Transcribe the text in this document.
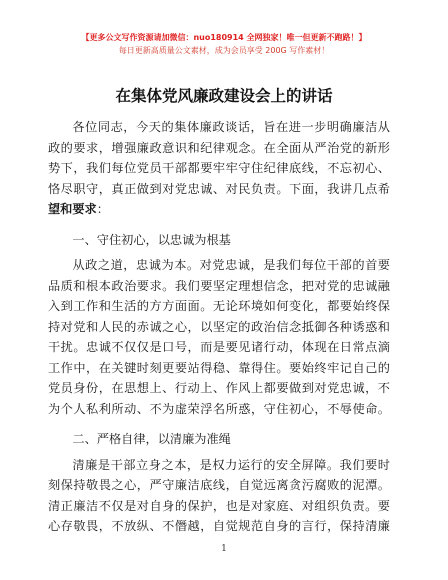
【更多公文写作资源请加微信：nuo180914 全网独家！唯一但更新不跑路！】
每日更新高质量公文素材，成为会员享受 200G 写作素材！
在集体党风廉政建设会上的讲话
各位同志，今天的集体廉政谈话，旨在进一步明确廉洁从
政的要求，增强廉政意识和纪律观念。在全面从严治党的新形
势下，我们每位党员干部都要牢牢守住纪律底线，不忘初心、
恪尽职守，真正做到对党忠诚、对民负责。下面，我讲几点希
望和要求：
一、守住初心，以忠诚为根基
从政之道，忠诚为本。对党忠诚，是我们每位干部的首要
品质和根本政治要求。我们要坚定理想信念，把对党的忠诚融
入到工作和生活的方方面面。无论环境如何变化，都要始终保
持对党和人民的赤诚之心，以坚定的政治信念抵御各种诱惑和
干扰。忠诚不仅仅是口号，而是要见诸行动，体现在日常点滴
工作中，在关键时刻更要站得稳、靠得住。要始终牢记自己的
党员身份，在思想上、行动上、作风上都要做到对党忠诚，不
为个人私利所动、不为虚荣浮名所惑，守住初心，不辱使命。
二、严格自律，以清廉为准绳
清廉是干部立身之本，是权力运行的安全屏障。我们要时
刻保持敬畏之心，严守廉洁底线，自觉远离贪污腐败的泥潭。
清正廉洁不仅是对自身的保护，也是对家庭、对组织负责。要
心存敬畏，不放纵、不僭越，自觉规范自身的言行，保持清廉
1
